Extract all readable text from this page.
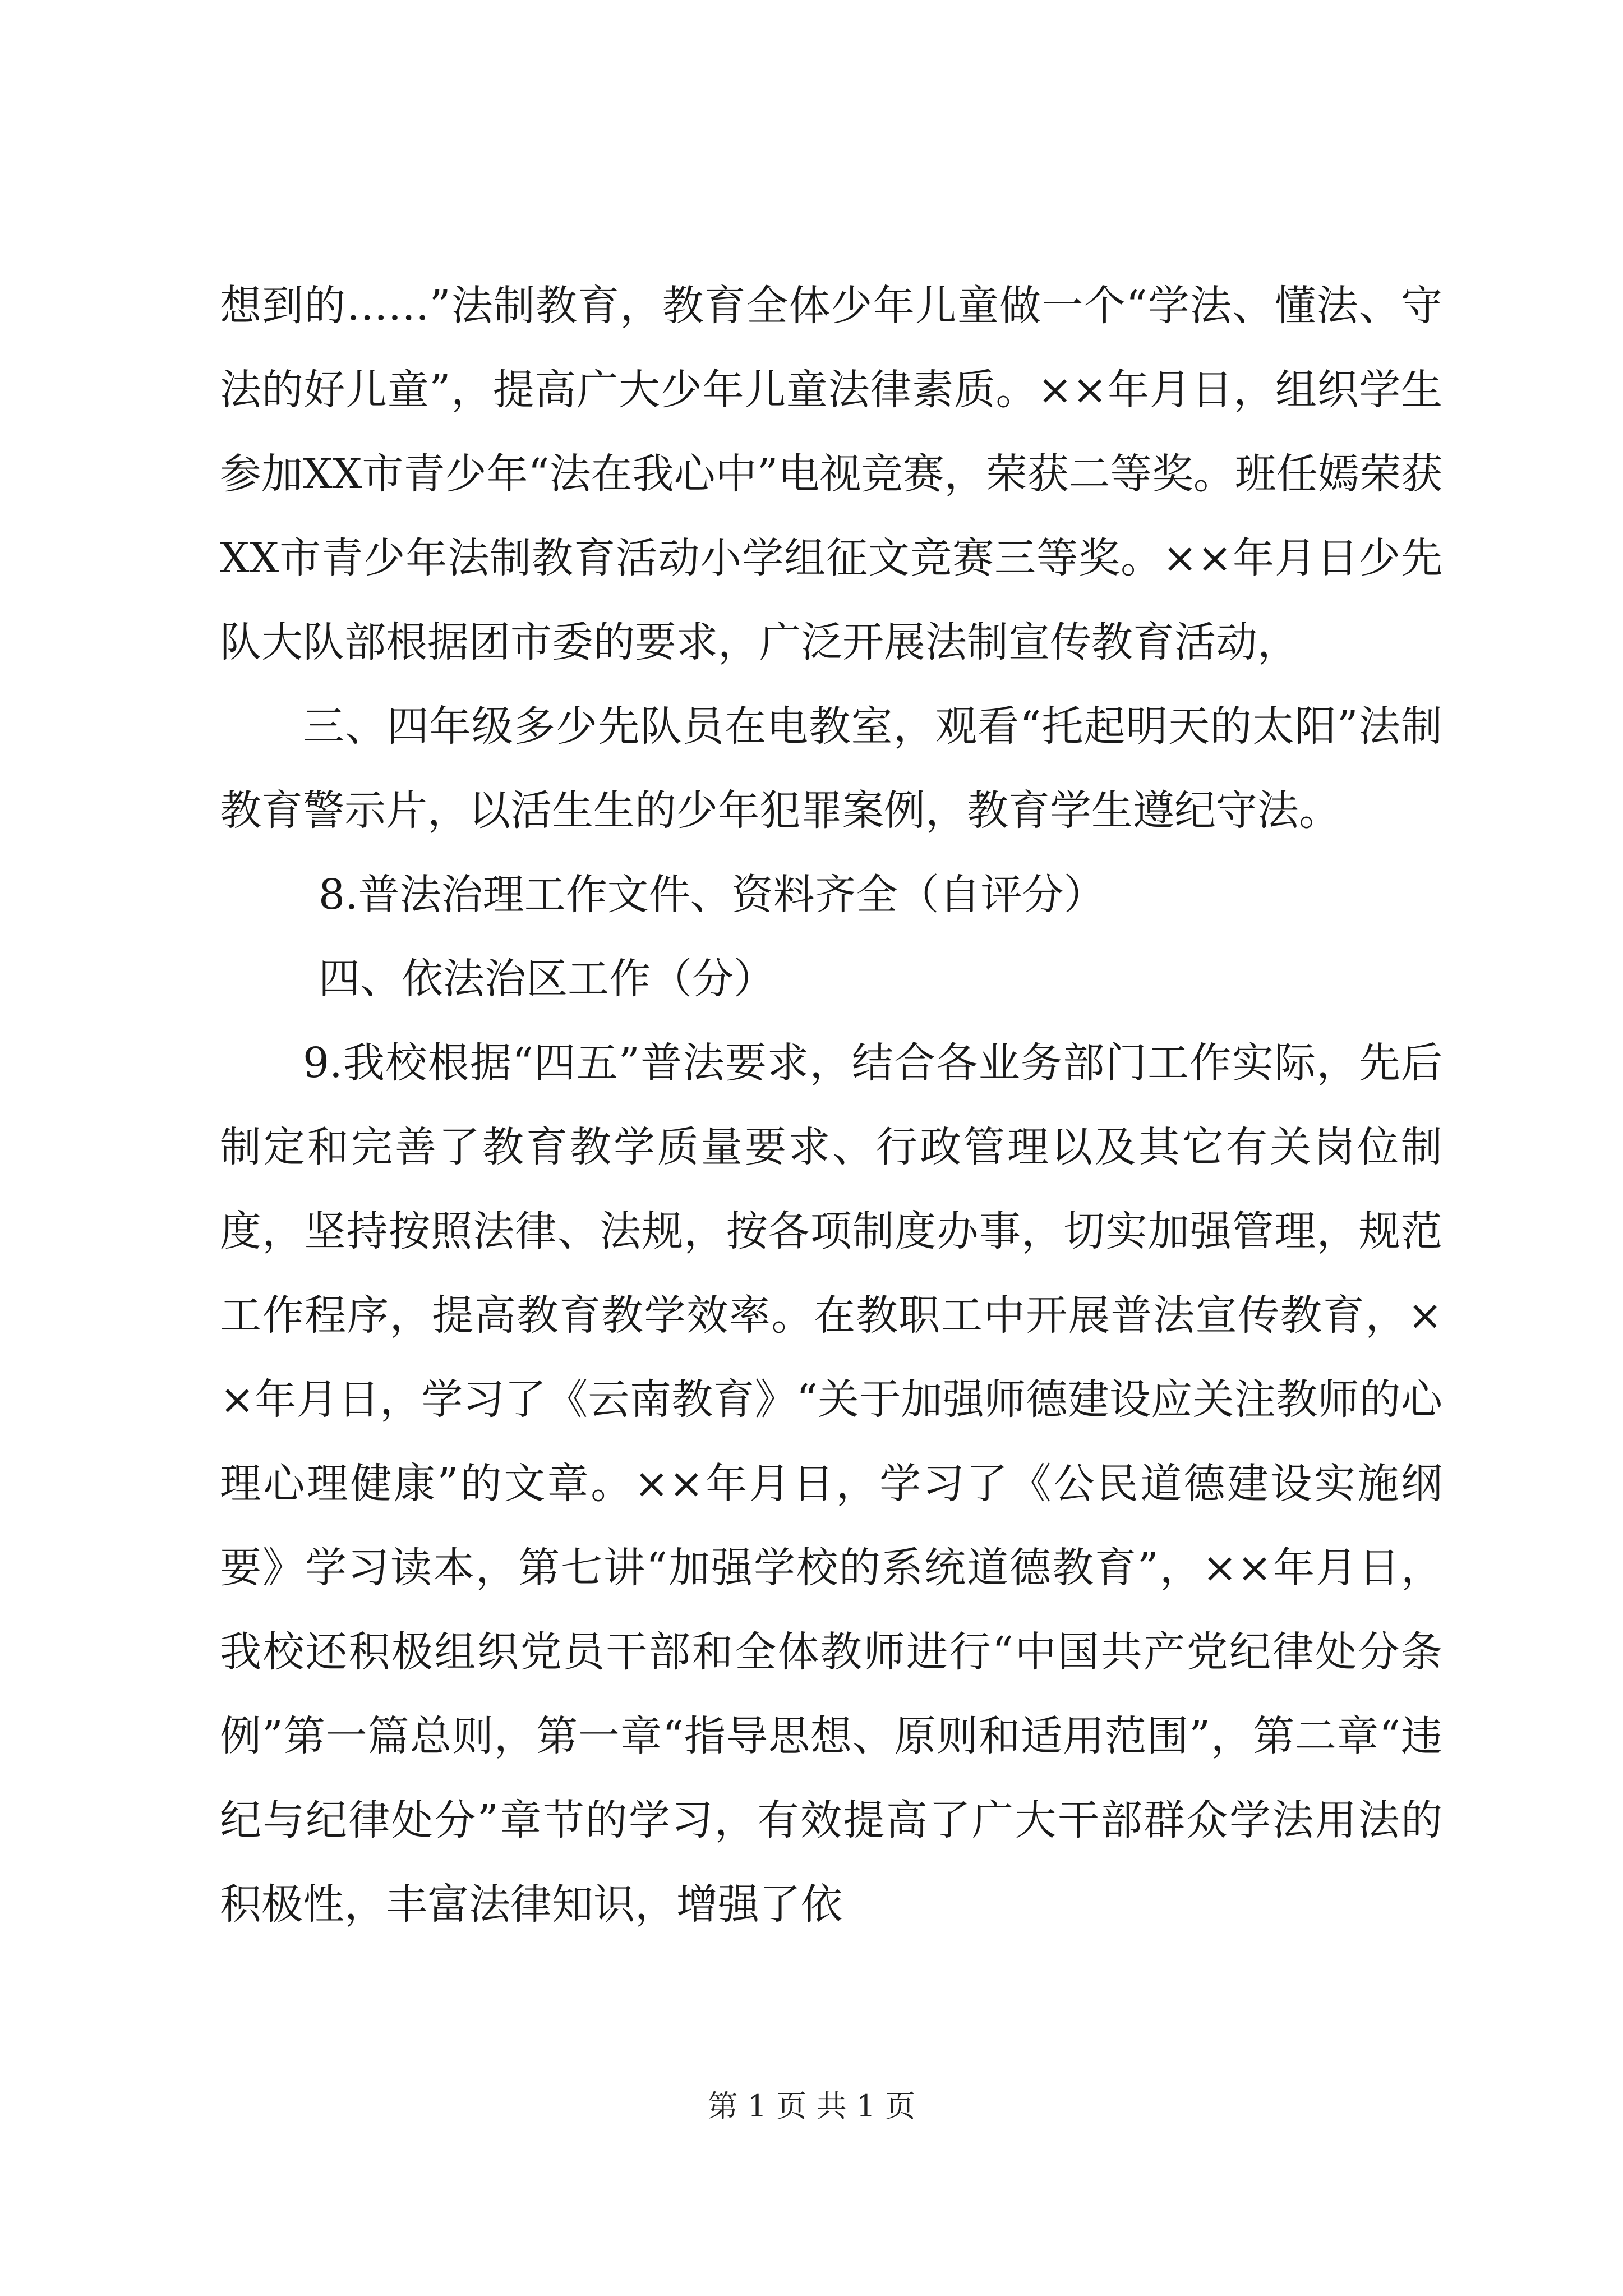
想到的……”法制教育，教育全体少年儿童做一个“学法、懂法、守法的好儿童”，提高广大少年儿童法律素质。××年月日，组织学生参加XX市青少年“法在我心中”电视竞赛，荣获二等奖。班任嫣荣获XX市青少年法制教育活动小学组征文竞赛三等奖。××年月日少先队大队部根据团市委的要求，广泛开展法制宣传教育活动，

三、四年级多少先队员在电教室，观看“托起明天的太阳”法制教育警示片，以活生生的少年犯罪案例，教育学生遵纪守法。

8.普法治理工作文件、资料齐全（自评分）

四、依法治区工作（分）

9.我校根据“四五”普法要求，结合各业务部门工作实际，先后制定和完善了教育教学质量要求、行政管理以及其它有关岗位制度，坚持按照法律、法规，按各项制度办事，切实加强管理，规范工作程序，提高教育教学效率。在教职工中开展普法宣传教育，××年月日，学习了《云南教育》“关于加强师德建设应关注教师的心理心理健康”的文章。××年月日，学习了《公民道德建设实施纲要》学习读本，第七讲“加强学校的系统道德教育”，××年月日，我校还积极组织党员干部和全体教师进行“中国共产党纪律处分条例”第一篇总则，第一章“指导思想、原则和适用范围”，第二章“违纪与纪律处分”章节的学习，有效提高了广大干部群众学法用法的积极性，丰富法律知识，增强了依

第 1 页 共 1 页
